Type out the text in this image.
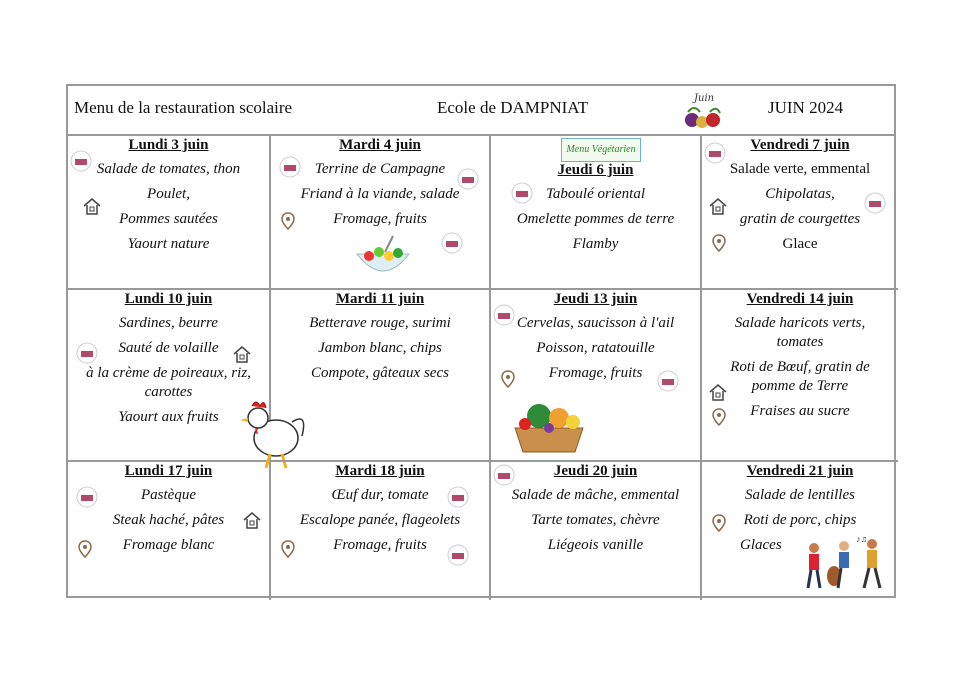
Menu de la restauration scolaire	Ecole de DAMPNIAT	Juin	JUIN 2024
Lundi 3 juin
Salade de tomates, thon
Poulet,
Pommes sautées
Yaourt nature
Mardi 4 juin
Terrine de Campagne
Friand à la viande, salade
Fromage, fruits
Menu Végétarien
Jeudi 6 juin
Taboulé oriental
Omelette pommes de terre
Flamby
Vendredi 7 juin
Salade verte, emmental
Chipolatas,
gratin de courgettes
Glace
Lundi 10 juin
Sardines, beurre
Sauté de volaille
à la crème de poireaux, riz, carottes
Yaourt aux fruits
Mardi 11 juin
Betterave rouge, surimi
Jambon blanc, chips
Compote, gâteaux secs
Jeudi 13 juin
Cervelas, saucisson à l'ail
Poisson, ratatouille
Fromage, fruits
Vendredi 14 juin
Salade haricots verts, tomates
Roti de Bœuf, gratin de pomme de Terre
Fraises au sucre
Lundi 17 juin
Pastèque
Steak haché, pâtes
Fromage blanc
Mardi 18 juin
Œuf dur, tomate
Escalope panée, flageolets
Fromage, fruits
Jeudi 20 juin
Salade de mâche, emmental
Tarte tomates, chèvre
Liégeois vanille
Vendredi 21 juin
Salade de lentilles
Roti de porc, chips
Glaces	♪♫
